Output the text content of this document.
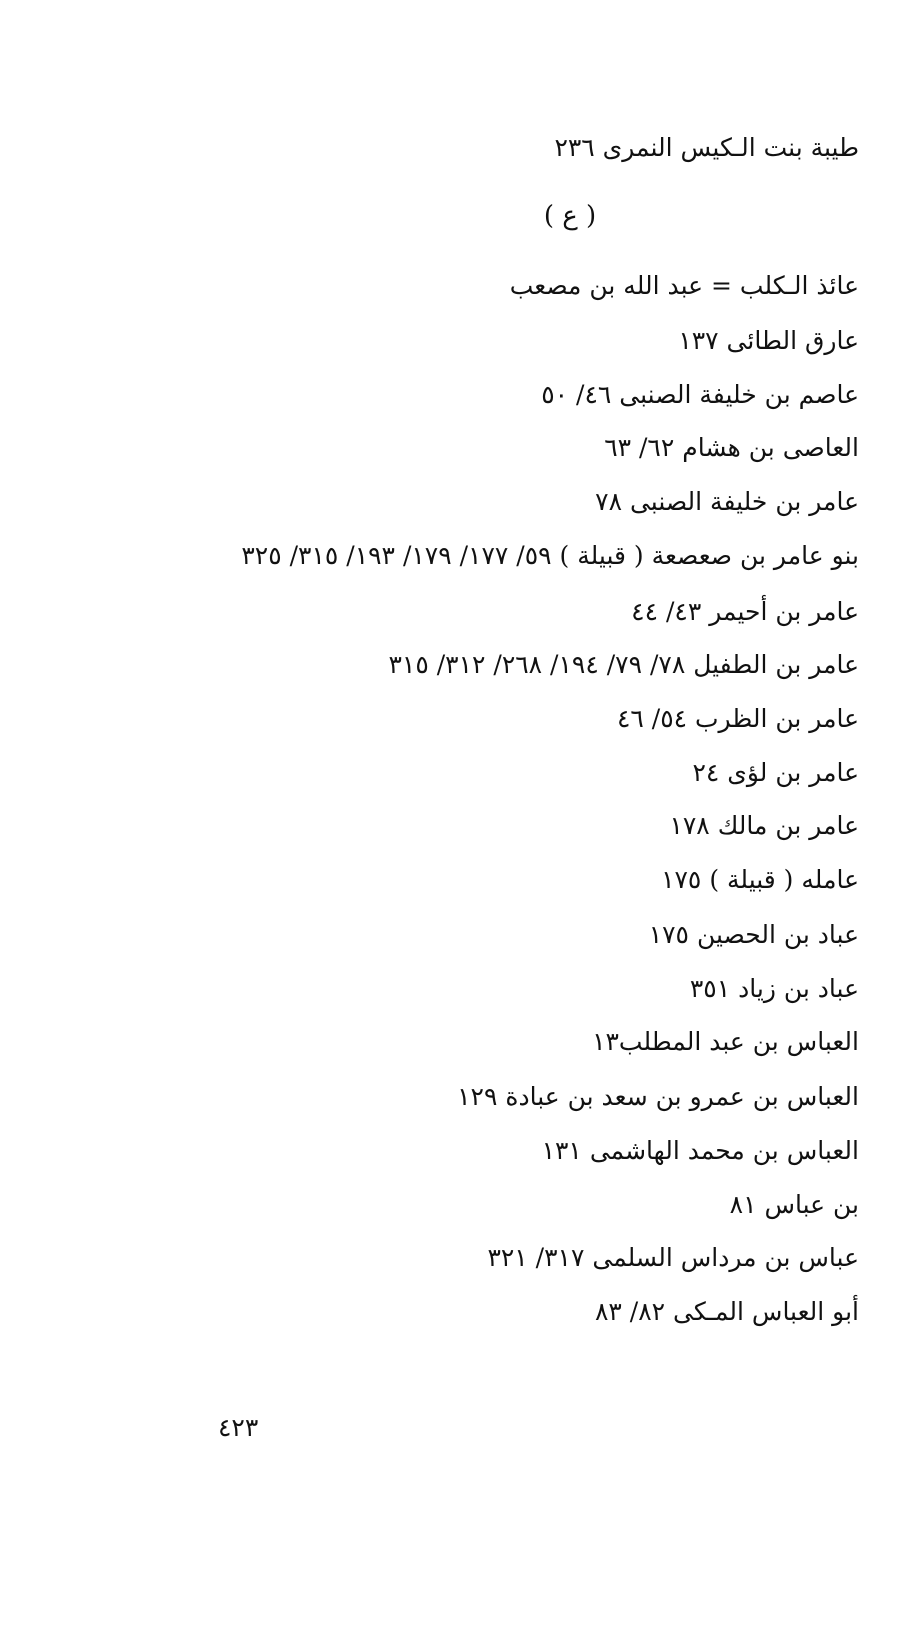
طيبة بنت الـكيس النمرى ٢٣٦
( ع )
عائذ الـكلب = عبد الله بن مصعب
عارق الطائى ١٣٧
عاصم بن خليفة الصنبى ٤٦/ ٥٠
العاصى بن هشام ٦٢/ ٦٣
عامر بن خليفة الصنبى ٧٨
بنو عامر بن صعصعة ( قبيلة ) ٥٩/ ١٧٧/ ١٧٩/ ١٩٣/ ٣١٥/ ٣٢٥
عامر بن أحيمر ٤٣/ ٤٤
عامر بن الطفيل ٧٨/ ٧٩/ ١٩٤/ ٢٦٨/ ٣١٢/ ٣١٥
عامر بن الظرب ٥٤/ ٤٦
عامر بن لؤى ٢٤
عامر بن مالك ١٧٨
عامله ( قبيلة ) ١٧٥
عباد بن الحصين ١٧٥
عباد بن زياد ٣٥١
العباس بن عبد المطلب١٣
العباس بن عمرو بن سعد بن عبادة ١٢٩
العباس بن محمد الهاشمى ١٣١
بن عباس ٨١
عباس بن مرداس السلمى ٣١٧/ ٣٢١
أبو العباس المـكى ٨٢/ ٨٣
٤٢٣
